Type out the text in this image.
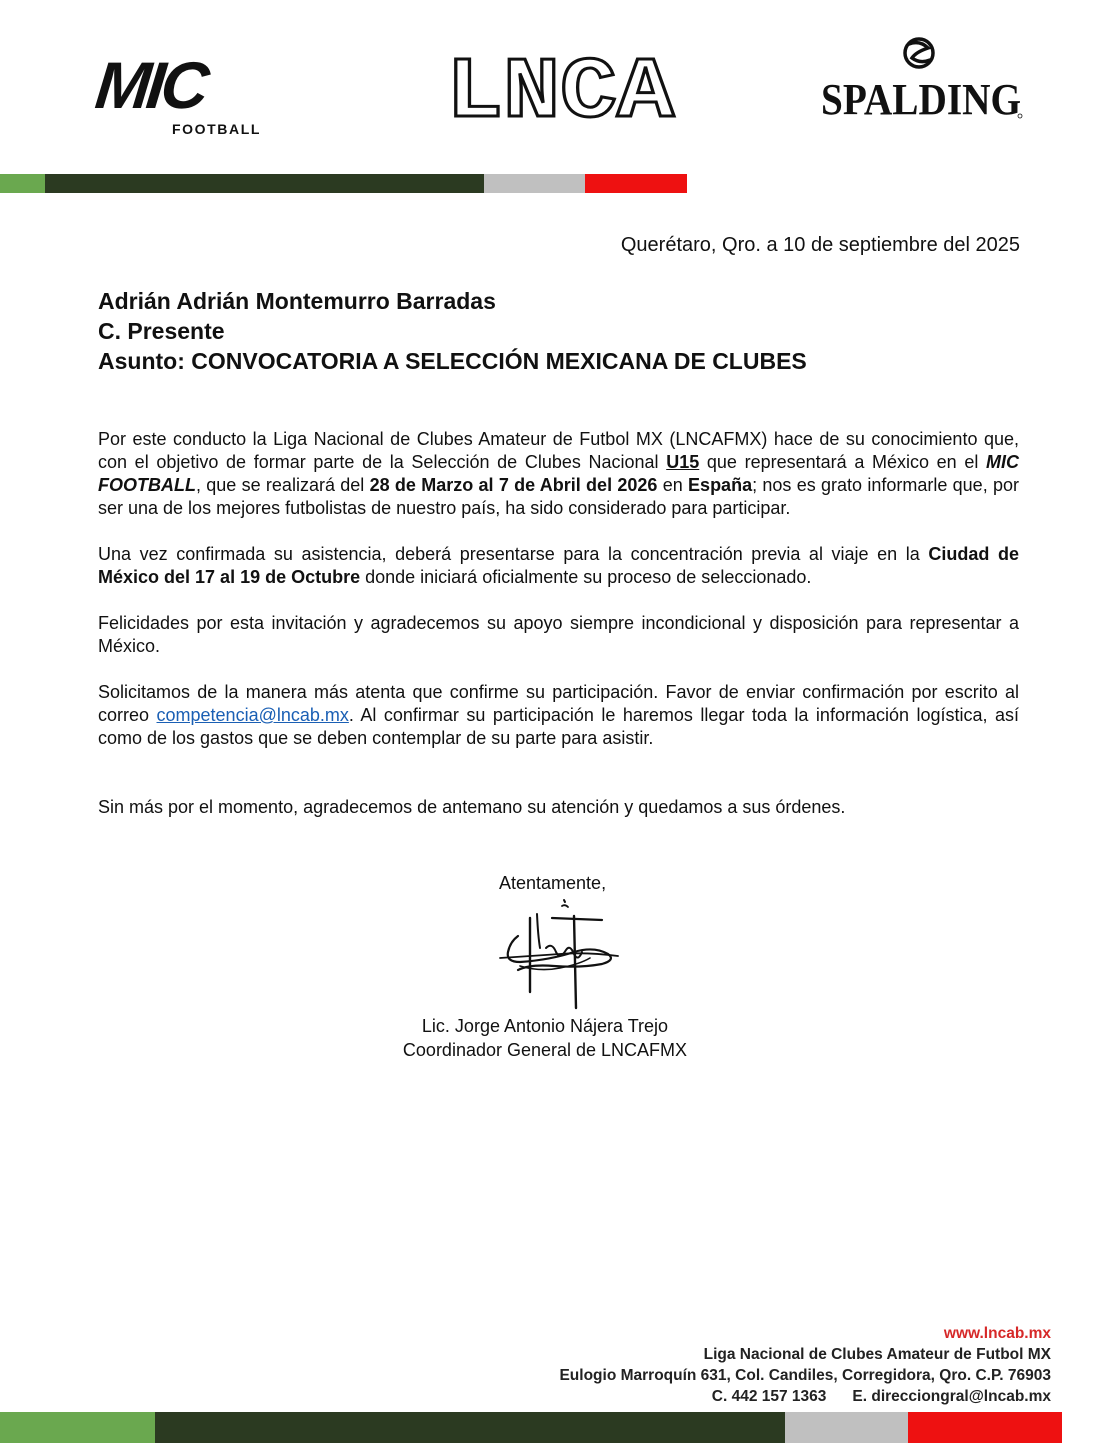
MIC
FOOTBALL LNCA	SPALDING
Querétaro, Qro. a 10 de septiembre del 2025
Adrián Adrián Montemurro Barradas
C. Presente
Asunto: CONVOCATORIA A SELECCIÓN MEXICANA DE CLUBES

Por este conducto la Liga Nacional de Clubes Amateur de Futbol MX (LNCAFMX) hace de su conocimiento que, con el objetivo de formar parte de la Selección de Clubes Nacional U15 que representará a México en el MIC FOOTBALL, que se realizará del 28 de Marzo al 7 de Abril del 2026 en España; nos es grato informarle que, por ser una de los mejores futbolistas de nuestro país, ha sido considerado para participar.

Una vez confirmada su asistencia, deberá presentarse para la concentración previa al viaje en la Ciudad de México del 17 al 19 de Octubre donde iniciará oficialmente su proceso de seleccionado.

Felicidades por esta invitación y agradecemos su apoyo siempre incondicional y disposición para representar a México.

Solicitamos de la manera más atenta que confirme su participación. Favor de enviar confirmación por escrito al correo competencia@lncab.mx. Al confirmar su participación le haremos llegar toda la información logística, así como de los gastos que se deben contemplar de su parte para asistir.

Sin más por el momento, agradecemos de antemano su atención y quedamos a sus órdenes.

Atentamente,
Lic. Jorge Antonio Nájera Trejo
Coordinador General de LNCAFMX
www.lncab.mx
Liga Nacional de Clubes Amateur de Futbol MX
Eulogio Marroquín 631, Col. Candiles, Corregidora, Qro. C.P. 76903
C. 442 157 1363 E. direcciongral@lncab.mx
